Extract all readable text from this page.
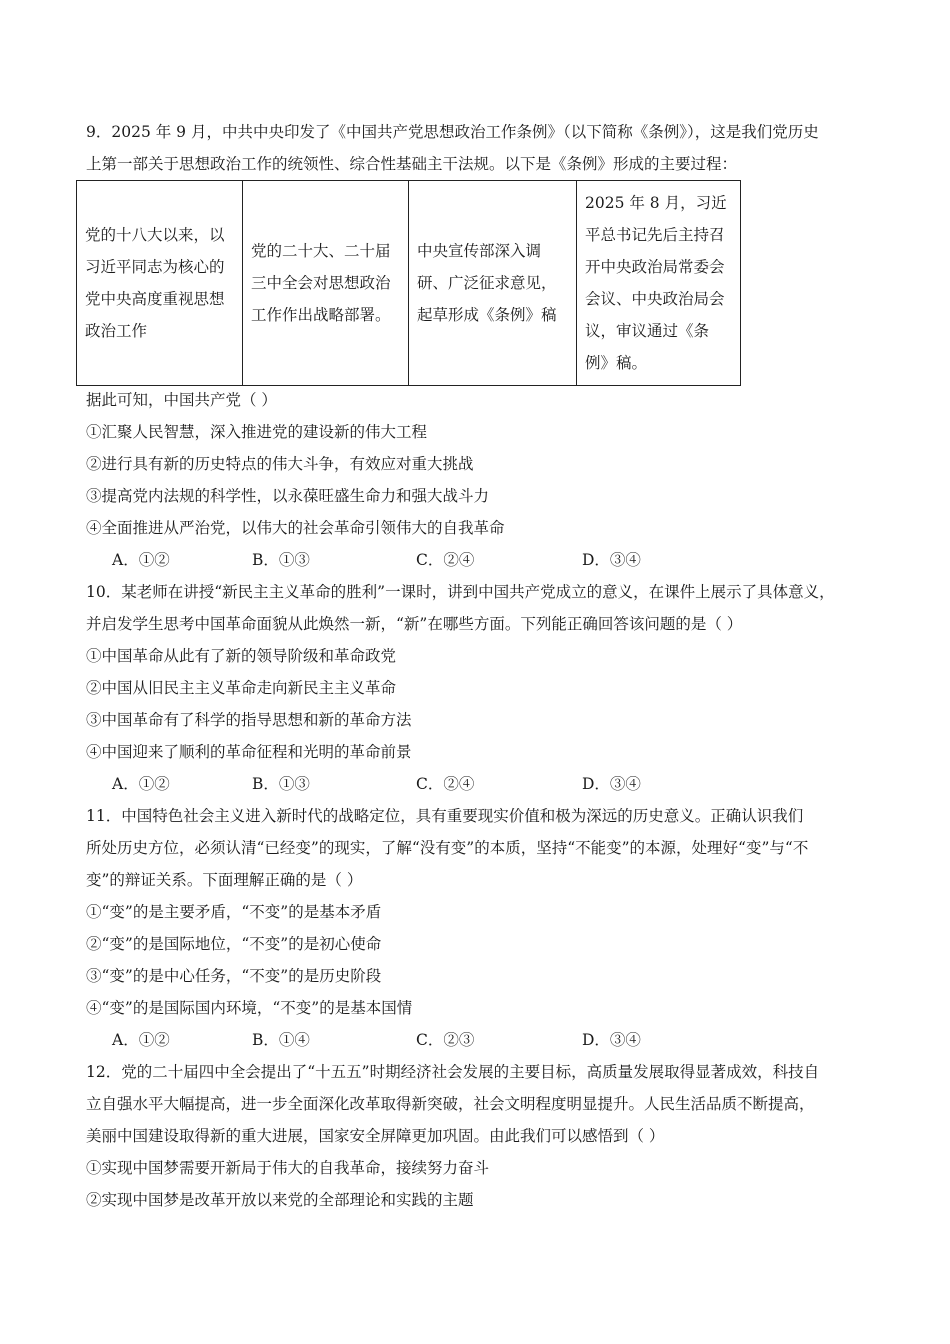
9．2025 年 9 月，中共中央印发了《中国共产党思想政治工作条例》（以下简称《条例》），这是我们党历史
上第一部关于思想政治工作的统领性、综合性基础主干法规。以下是《条例》形成的主要过程：
党的十八大以来，以习近平同志为核心的党中央高度重视思想政治工作	党的二十大、二十届三中全会对思想政治工作作出战略部署。	中央宣传部深入调研、广泛征求意见，起草形成《条例》稿	2025 年 8 月，习近平总书记先后主持召开中央政治局常委会会议、中央政治局会议，审议通过《条例》稿。
据此可知，中国共产党（ ）
①汇聚人民智慧，深入推进党的建设新的伟大工程
②进行具有新的历史特点的伟大斗争，有效应对重大挑战
③提高党内法规的科学性，以永葆旺盛生命力和强大战斗力
④全面推进从严治党，以伟大的社会革命引领伟大的自我革命
A．①②	B．①③	C．②④	D．③④
10．某老师在讲授“新民主主义革命的胜利”一课时，讲到中国共产党成立的意义，在课件上展示了具体意义，
并启发学生思考中国革命面貌从此焕然一新，“新”在哪些方面。下列能正确回答该问题的是（ ）
①中国革命从此有了新的领导阶级和革命政党
②中国从旧民主主义革命走向新民主主义革命
③中国革命有了科学的指导思想和新的革命方法
④中国迎来了顺利的革命征程和光明的革命前景
A．①②	B．①③	C．②④	D．③④
11．中国特色社会主义进入新时代的战略定位，具有重要现实价值和极为深远的历史意义。正确认识我们
所处历史方位，必须认清“已经变”的现实，了解“没有变”的本质，坚持“不能变”的本源，处理好“变”与“不
变”的辩证关系。下面理解正确的是（ ）
①“变”的是主要矛盾，“不变”的是基本矛盾
②“变”的是国际地位，“不变”的是初心使命
③“变”的是中心任务，“不变”的是历史阶段
④“变”的是国际国内环境，“不变”的是基本国情
A．①②	B．①④	C．②③	D．③④
12．党的二十届四中全会提出了“十五五”时期经济社会发展的主要目标，高质量发展取得显著成效，科技自
立自强水平大幅提高，进一步全面深化改革取得新突破，社会文明程度明显提升。人民生活品质不断提高，
美丽中国建设取得新的重大进展，国家安全屏障更加巩固。由此我们可以感悟到（ ）
①实现中国梦需要开新局于伟大的自我革命，接续努力奋斗
②实现中国梦是改革开放以来党的全部理论和实践的主题
